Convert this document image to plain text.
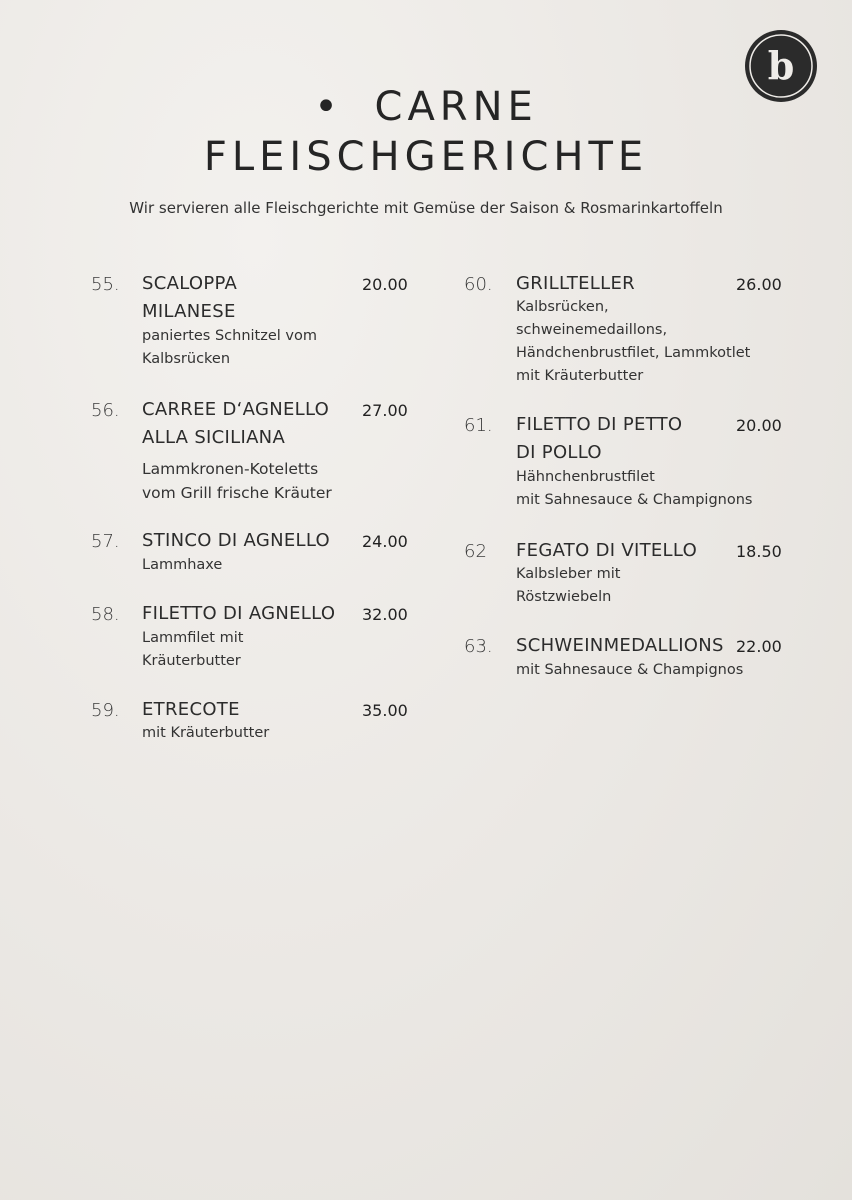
b
• CARNE
FLEISCHGERICHTE
Wir servieren alle Fleischgerichte mit Gemüse der Saison & Rosmarinkartoffeln
55. SCALOPPA
MILANESE
20.00
paniertes Schnitzel vom
Kalbsrücken
56. CARREE D‘AGNELLO
ALLA SICILIANA
27.00
Lammkronen-Koteletts
vom Grill frische Kräuter
57. STINCO DI AGNELLO 24.00
Lammhaxe
58. FILETTO DI AGNELLO 32.00
Lammfilet mit
Kräuterbutter
59. ETRECOTE	35.00
mit Kräuterbutter
60. GRILLTELLER	26.00
Kalbsrücken,
schweinemedaillons,
Händchenbrustfilet, Lammkotlet
mit Kräuterbutter
61. FILETTO DI PETTO
DI POLLO
20.00
Hähnchenbrustfilet
mit Sahnesauce & Champignons
62 FEGATO DI VITELLO 18.50
Kalbsleber mit
Röstzwiebeln
63. SCHWEINMEDALLIONS 22.00
mit Sahnesauce & Champignos
